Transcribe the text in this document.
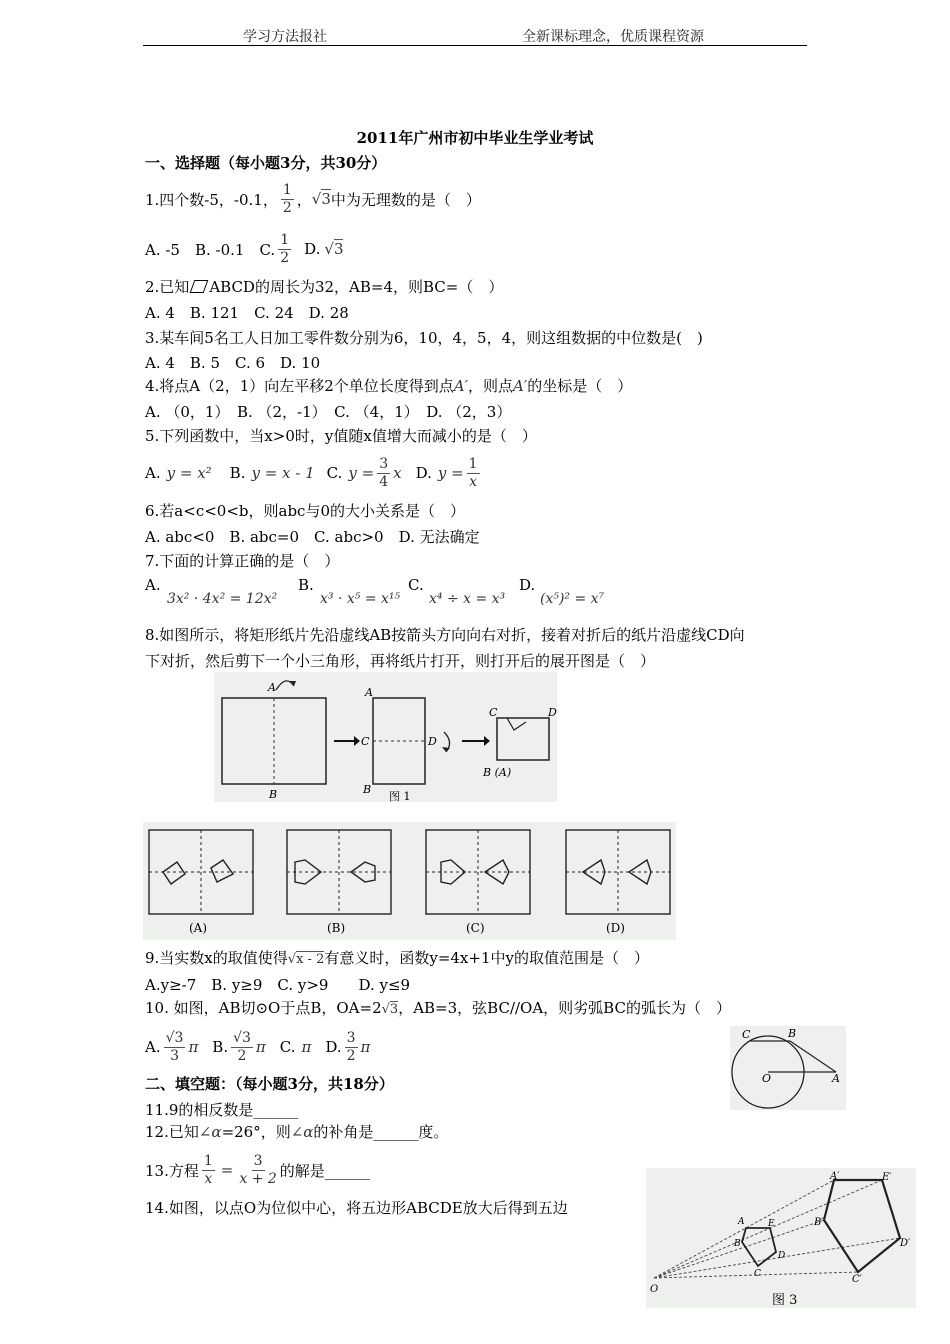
学习方法报社	全新课标理念，优质课程资源
2011年广州市初中毕业生学业考试
一、选择题（每小题3分，共30分）
1.四个数-5，-0.1， $\frac{1}{2}$ ， √3 中为无理数的是（　）
A. -5　B. -0.1　C. $\frac{1}{2} D$. √3
2.已知 ABCD的周长为32，AB=4，则BC=（　）
A. 4　B. 121　C. 24　D. 28
3.某车间5名工人日加工零件数分别为6，10，4，5，4，则这组数据的中位数是(　)
A. 4　B. 5　C. 6　D. 10
4.将点A（2，1）向左平移2个单位长度得到点A′，则点A′的坐标是（　）
A. （0，1）　B. （2，-1）　C. （4，1）　D. （2，3）
5.下列函数中，当x>0时，y值随x值增大而减小的是（　）
A. y = x² B. y = x - 1 C. $y = \frac{3}{4}$ x D. $y = \frac{1}{x}$
6.若a<c<0<b，则abc与0的大小关系是（　）
A. abc<0　B. abc=0　C. abc>0　D. 无法确定
7.下面的计算正确的是（　）
A.
3x² · 4x² = 12x²
B.
x³ · x⁵ = x¹⁵
C.
x⁴ ÷ x = x³
D.
(x⁵)² = x⁷
8.如图所示，将矩形纸片先沿虚线AB按箭头方向向右对折，接着对折后的纸片沿虚线CD向
下对折，然后剪下一个小三角形，再将纸片打开，则打开后的展开图是（　）
A
B
A
C	D
B
C	D
B (A)
图 1
(A)	(B)	(C)	(D)
9.当实数x的取值使得√x - 2有意义时，函数y=4x+1中y的取值范围是（　）
A.y≥-7　B. y≥9　C. y>9　　D. y≤9
10. 如图，AB切⊙O于点B，OA=2√3，AB=3，弦BC//OA，则劣弧BC的弧长为（　）
A. $\frac{√3}{3}$ π B. $\frac{√3}{2}$ π C. π D. $\frac{3}{2}$ π
C	B
O	A
二、填空题：（每小题3分，共18分）
11.9的相反数是______
12.已知∠α=26°，则∠α的补角是______度。
13.方程 $\frac{1}{x} = \frac{3}{x + 2}$ 的解是______
14.如图，以点O为位似中心，将五边形ABCDE放大后得到五边
A′	E′
B′
D′
C′
A	E
B
D
C
O
图 3
